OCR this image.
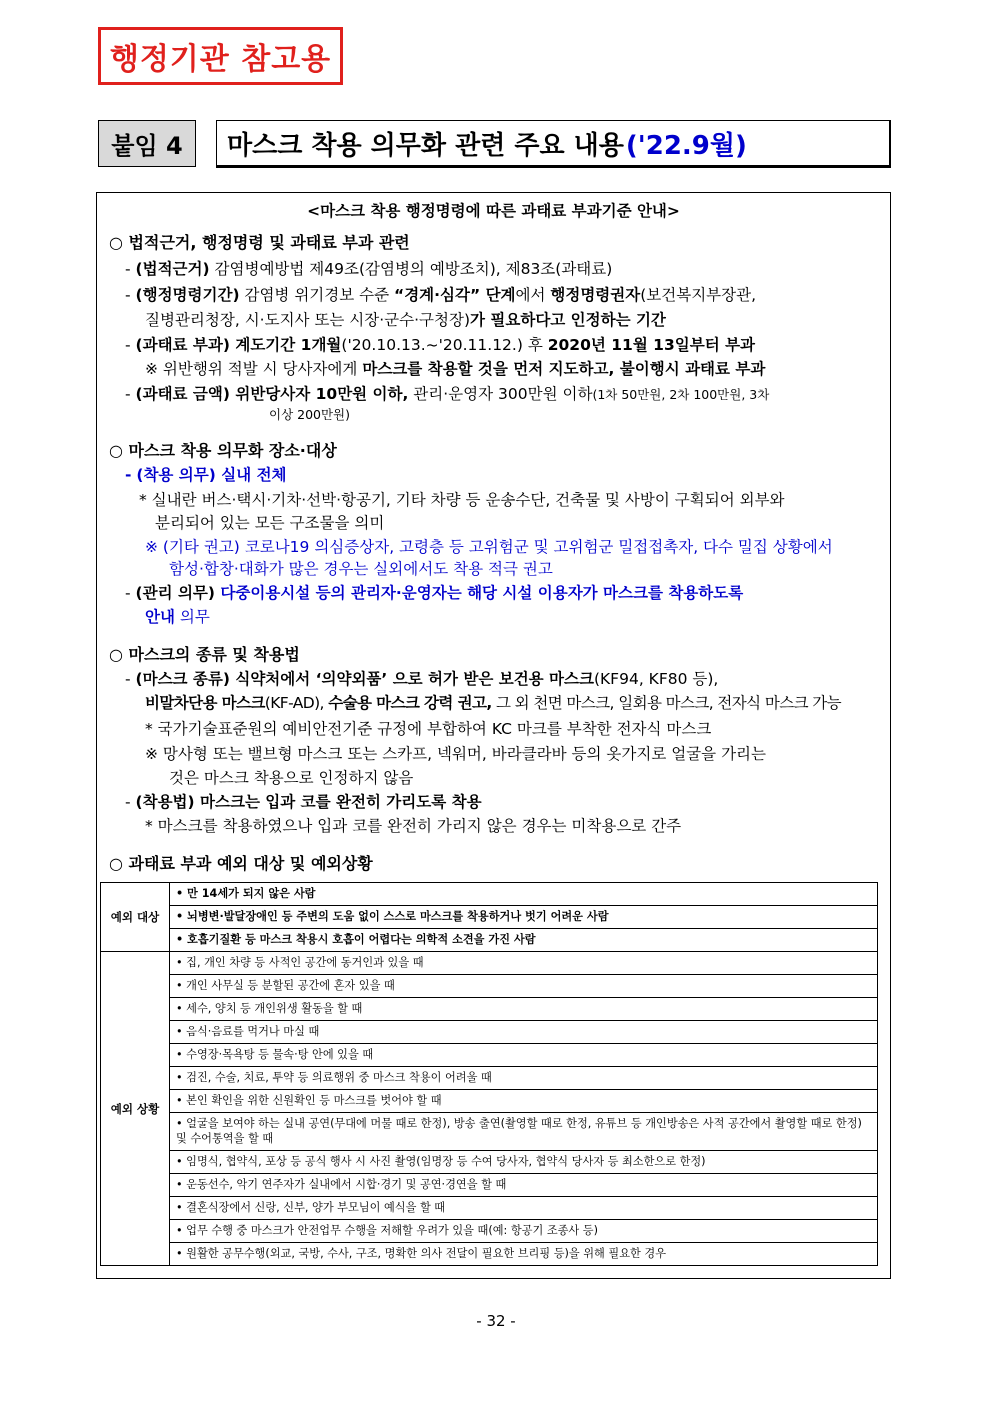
행정기관 참고용
붙임 4	마스크 착용 의무화 관련 주요 내용 ('22.9월)
<마스크 착용 행정명령에 따른 과태료 부과기준 안내>
○ 법적근거, 행정명령 및 과태료 부과 관련
- (법적근거) 감염병예방법 제49조(감염병의 예방조치), 제83조(과태료)
- (행정명령기간) 감염병 위기경보 수준 “경계·심각” 단계에서 행정명령권자(보건복지부장관,
질병관리청장, 시·도지사 또는 시장·군수·구청장)가 필요하다고 인정하는 기간
- (과태료 부과) 계도기간 1개월('20.10.13.~'20.11.12.) 후 2020년 11월 13일부터 부과
※ 위반행위 적발 시 당사자에게 마스크를 착용할 것을 먼저 지도하고, 불이행시 과태료 부과
- (과태료 금액) 위반당사자 10만원 이하, 관리·운영자 300만원 이하(1차 50만원, 2차 100만원, 3차
이상 200만원)
○ 마스크 착용 의무화 장소·대상
- (착용 의무) 실내 전체
* 실내란 버스·택시·기차·선박·항공기, 기타 차량 등 운송수단, 건축물 및 사방이 구획되어 외부와
분리되어 있는 모든 구조물을 의미
※ (기타 권고) 코로나19 의심증상자, 고령층 등 고위험군 및 고위험군 밀접접촉자, 다수 밀집 상황에서
함성·합창·대화가 많은 경우는 실외에서도 착용 적극 권고
- (관리 의무) 다중이용시설 등의 관리자·운영자는 해당 시설 이용자가 마스크를 착용하도록
안내 의무
○ 마스크의 종류 및 착용법
- (마스크 종류) 식약처에서 ‘의약외품’ 으로 허가 받은 보건용 마스크(KF94, KF80 등),
비말차단용 마스크(KF-AD), 수술용 마스크 강력 권고, 그 외 천면 마스크, 일회용 마스크, 전자식 마스크 가능
* 국가기술표준원의 예비안전기준 규정에 부합하여 KC 마크를 부착한 전자식 마스크
※ 망사형 또는 밸브형 마스크 또는 스카프, 넥워머, 바라클라바 등의 옷가지로 얼굴을 가리는
것은 마스크 착용으로 인정하지 않음
- (착용법) 마스크는 입과 코를 완전히 가리도록 착용
* 마스크를 착용하였으나 입과 코를 완전히 가리지 않은 경우는 미착용으로 간주
○ 과태료 부과 예외 대상 및 예외상황
예외 대상	• 만 14세가 되지 않은 사람
	• 뇌병변·발달장애인 등 주변의 도움 없이 스스로 마스크를 착용하거나 벗기 어려운 사람
	• 호흡기질환 등 마스크 착용시 호흡이 어렵다는 의학적 소견을 가진 사람
예외 상황	• 집, 개인 차량 등 사적인 공간에 동거인과 있을 때
	• 개인 사무실 등 분할된 공간에 혼자 있을 때
	• 세수, 양치 등 개인위생 활동을 할 때
	• 음식·음료를 먹거나 마실 때
	• 수영장·목욕탕 등 물속·탕 안에 있을 때
	• 검진, 수술, 치료, 투약 등 의료행위 중 마스크 착용이 어려울 때
	• 본인 확인을 위한 신원확인 등 마스크를 벗어야 할 때
	• 얼굴을 보여야 하는 실내 공연(무대에 머물 때로 한정), 방송 출연(촬영할 때로 한정, 유튜브 등 개인방송은 사적 공간에서 촬영할 때로 한정) 및 수어통역을 할 때
	• 임명식, 협약식, 포상 등 공식 행사 시 사진 촬영(임명장 등 수여 당사자, 협약식 당사자 등 최소한으로 한정)
	• 운동선수, 악기 연주자가 실내에서 시합·경기 및 공연·경연을 할 때
	• 결혼식장에서 신랑, 신부, 양가 부모님이 예식을 할 때
	• 업무 수행 중 마스크가 안전업무 수행을 저해할 우려가 있을 때(예: 항공기 조종사 등)
	• 원활한 공무수행(외교, 국방, 수사, 구조, 명확한 의사 전달이 필요한 브리핑 등)을 위해 필요한 경우
- 32 -
